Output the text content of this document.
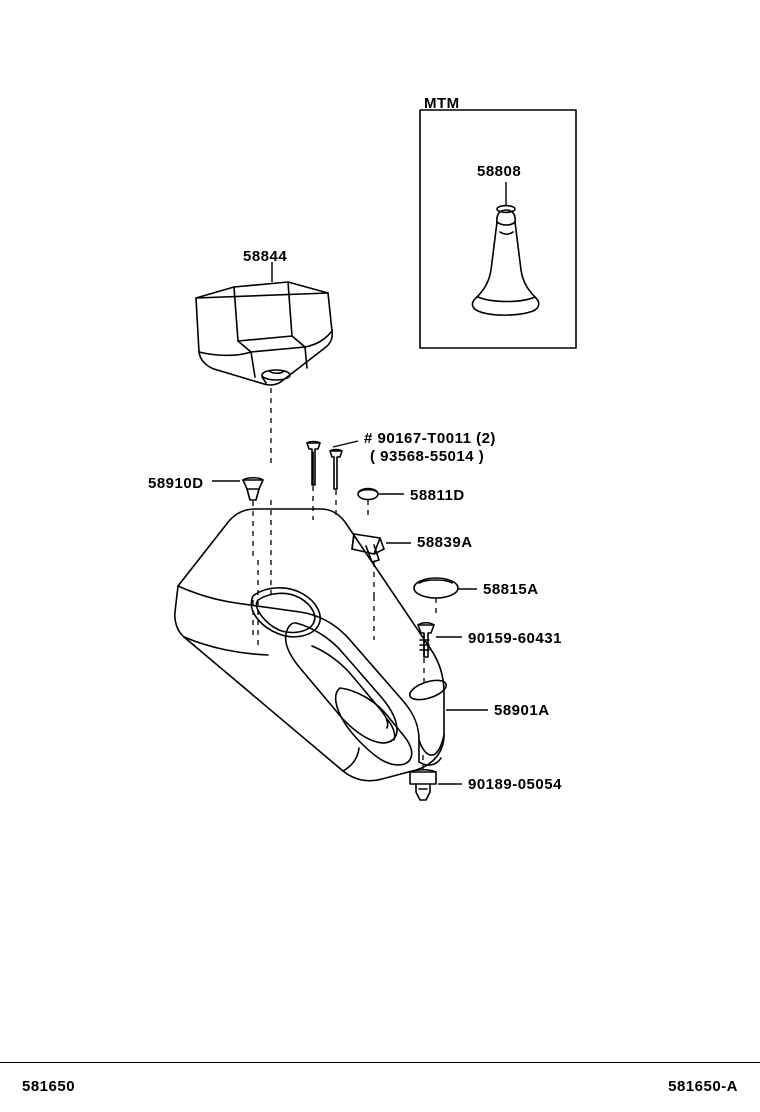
MTM
58808
58844
# 90167-T0011 (2)
( 93568-55014 )
58910D
58811D
58839A
58815A
90159-60431
58901A
90189-05054
581650	581650-A
